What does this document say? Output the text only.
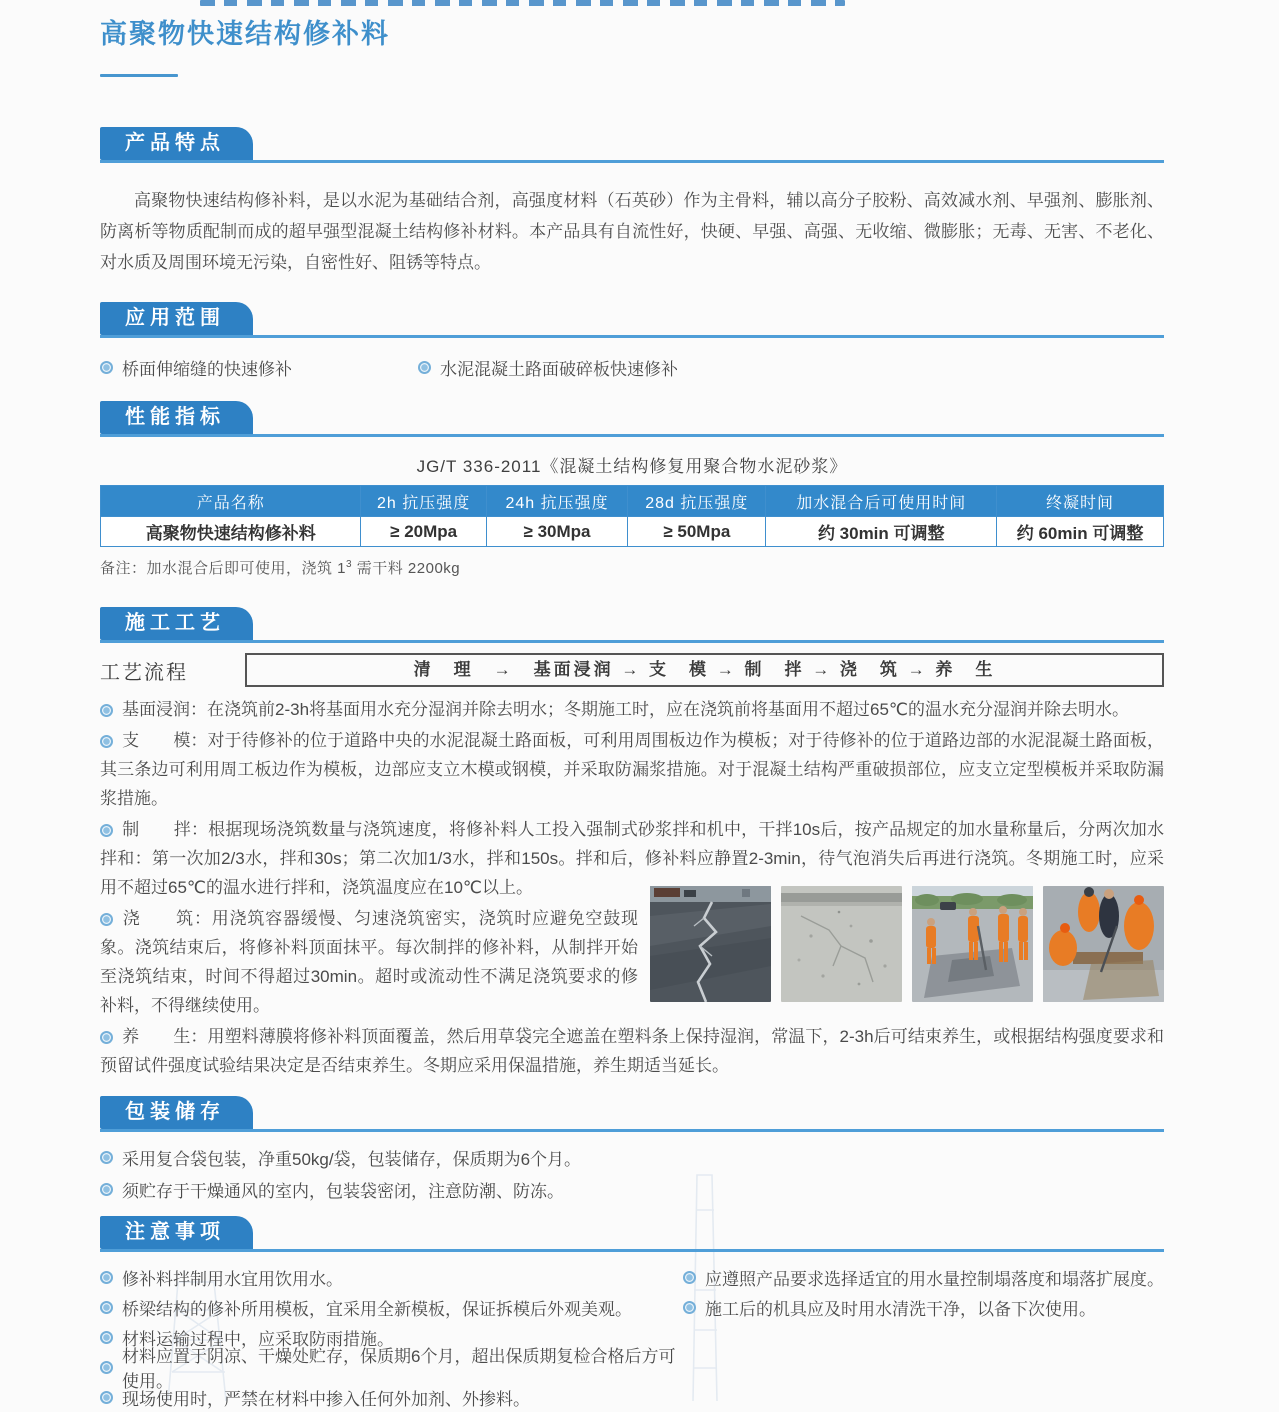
高聚物快速结构修补料
产品特点

高聚物快速结构修补料，是以水泥为基础结合剂，高强度材料（石英砂）作为主骨料，辅以高分子胶粉、高效减水剂、早强剂、膨胀剂、防离析等物质配制而成的超早强型混凝土结构修补材料。本产品具有自流性好，快硬、早强、高强、无收缩、微膨胀；无毒、无害、不老化、对水质及周围环境无污染，自密性好、阻锈等特点。

应用范围
桥面伸缩缝的快速修补	水泥混凝土路面破碎板快速修补
性能指标
JG/T 336-2011《混凝土结构修复用聚合物水泥砂浆》
产品名称	2h 抗压强度	24h 抗压强度	28d 抗压强度	加水混合后可使用时间	终凝时间
高聚物快速结构修补料	≥ 20Mpa	≥ 30Mpa	≥ 50Mpa	约 30min 可调整	约 60min 可调整
备注：加水混合后即可使用，浇筑 $1^3$ 需干料 2200kg
施工工艺
工艺流程	清　理　→　基面浸润 → 支　模 → 制　拌 → 浇　筑 → 养　生

基面浸润：在浇筑前2-3h将基面用水充分湿润并除去明水；冬期施工时，应在浇筑前将基面用不超过65℃的温水充分湿润并除去明水。

支　　模：对于待修补的位于道路中央的水泥混凝土路面板，可利用周围板边作为模板；对于待修补的位于道路边部的水泥混凝土路面板，其三条边可利用周工板边作为模板，边部应支立木模或钢模，并采取防漏浆措施。对于混凝土结构严重破损部位，应支立定型模板并采取防漏浆措施。

制　　拌：根据现场浇筑数量与浇筑速度，将修补料人工投入强制式砂浆拌和机中，干拌10s后，按产品规定的加水量称量后，分两次加水拌和：第一次加2/3水，拌和30s；第二次加1/3水，拌和150s。拌和后，修补料应静置2-3min，待气泡消失后再进行浇筑。冬期施工时，应采用不超过65℃的温水进行拌和，浇筑温度应在10℃以上。

浇　　筑：用浇筑容器缓慢、匀速浇筑密实，浇筑时应避免空鼓现象。浇筑结束后，将修补料顶面抹平。每次制拌的修补料，从制拌开始至浇筑结束，时间不得超过30min。超时或流动性不满足浇筑要求的修补料，不得继续使用。

养　　生：用塑料薄膜将修补料顶面覆盖，然后用草袋完全遮盖在塑料条上保持湿润，常温下，2-3h后可结束养生，或根据结构强度要求和预留试件强度试验结果决定是否结束养生。冬期应采用保温措施，养生期适当延长。

包装储存
采用复合袋包装，净重50kg/袋，包装储存，保质期为6个月。
须贮存于干燥通风的室内，包装袋密闭，注意防潮、防冻。
注意事项
修补料拌制用水宜用饮用水。	应遵照产品要求选择适宜的用水量控制塌落度和塌落扩展度。
桥梁结构的修补所用模板，宜采用全新模板，保证拆模后外观美观。	施工后的机具应及时用水清洗干净，以备下次使用。
材料运输过程中，应采取防雨措施。
材料应置于阴凉、干燥处贮存，保质期6个月，超出保质期复检合格后方可使用。
现场使用时，严禁在材料中掺入任何外加剂、外掺料。
